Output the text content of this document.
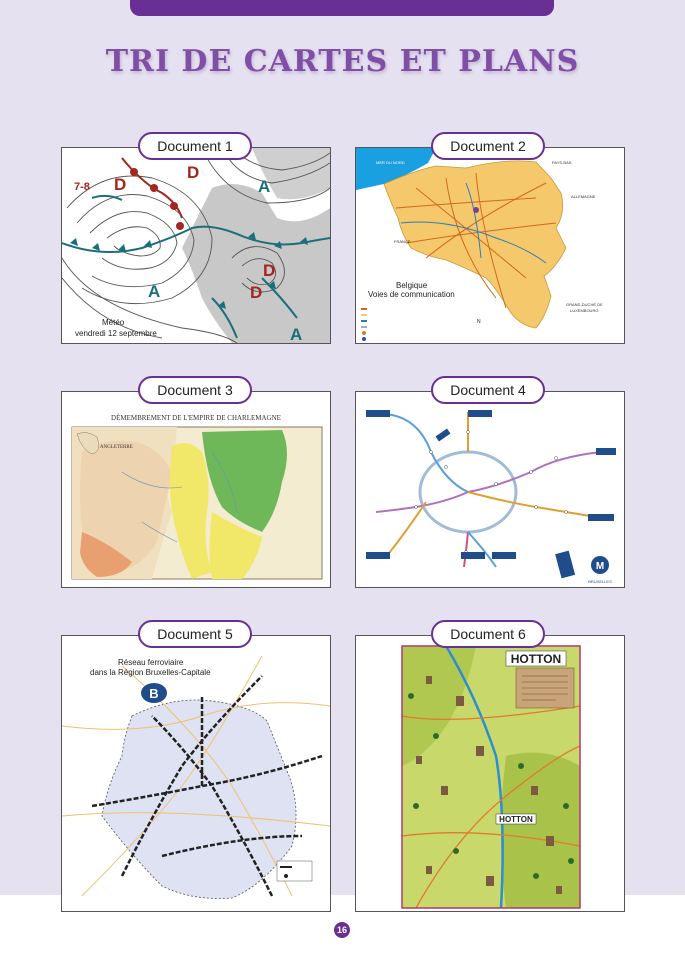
TRI DE CARTES ET PLANS
7-8 D
D
D
D
A
A
A
Météo
vendredi 12 septembre
Document 1
MER DU NORD	PAYS-BAS
ALLEMAGNE
FRANCE
GRAND-DUCHÉ DE
LUXEMBOURG
Belgique
Voies de communication
N
Document 2
DÉMEMBREMENT DE L'EMPIRE DE CHARLEMAGNE
ANGLETERRE
Document 3
M
BRUXELLES
Document 4
B
Réseau ferroviaire
dans la Région Bruxelles-Capitale
Document 5
HOTTON
HOTTON
Document 6
16
